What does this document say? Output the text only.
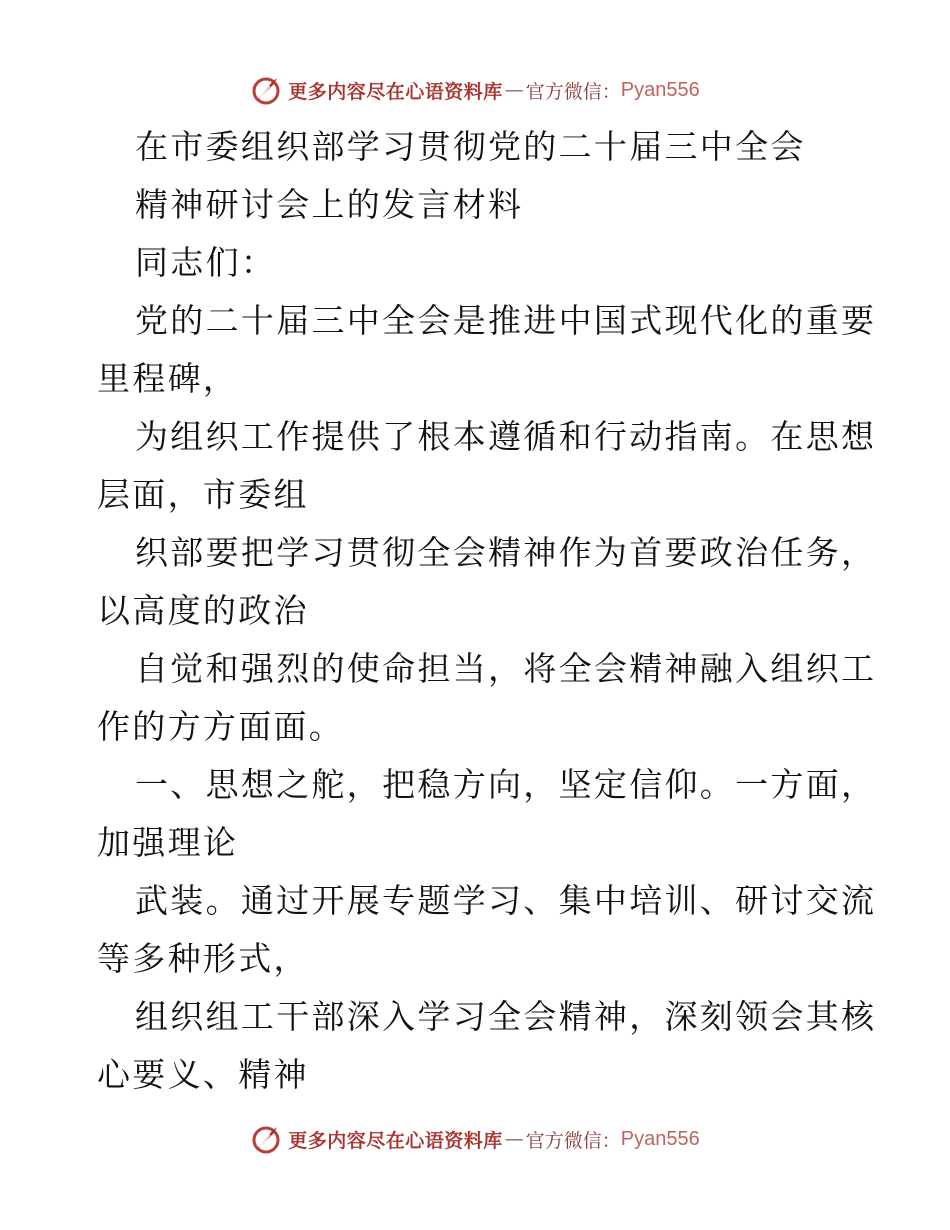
更多内容尽在心语资料库 — 官方微信： Pyan556
在市委组织部学习贯彻党的二十届三中全会
精神研讨会上的发言材料
同志们：
党的二十届三中全会是推进中国式现代化的重要
里程碑，
为组织工作提供了根本遵循和行动指南。在思想
层面，市委组
织部要把学习贯彻全会精神作为首要政治任务，
以高度的政治
自觉和强烈的使命担当，将全会精神融入组织工
作的方方面面。
一、思想之舵，把稳方向，坚定信仰。一方面，
加强理论
武装。通过开展专题学习、集中培训、研讨交流
等多种形式，
组织组工干部深入学习全会精神，深刻领会其核
心要义、精神
更多内容尽在心语资料库 — 官方微信： Pyan556
